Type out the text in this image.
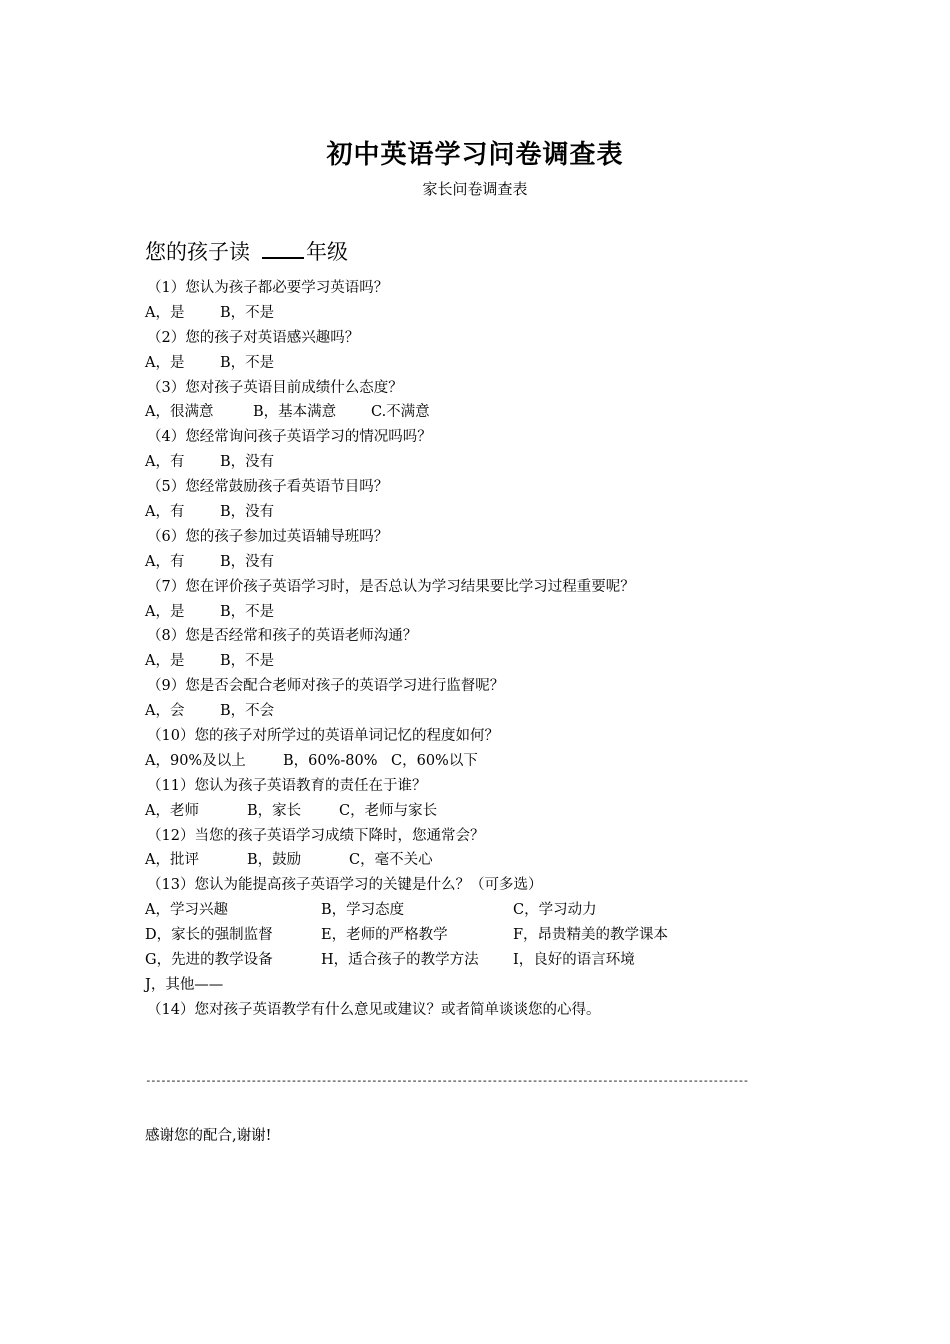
初中英语学习问卷调查表
家长问卷调查表
您的孩子读	年级
（1）您认为孩子都必要学习英语吗？
A，是 B，不是
（2）您的孩子对英语感兴趣吗？
A，是 B，不是
（3）您对孩子英语目前成绩什么态度？
A，很满意	B，基本满意 C.不满意
（4）您经常询问孩子英语学习的情况吗吗？
A，有 B，没有
（5）您经常鼓励孩子看英语节目吗？
A，有 B，没有
（6）您的孩子参加过英语辅导班吗？
A，有 B，没有
（7）您在评价孩子英语学习时，是否总认为学习结果要比学习过程重要呢？
A，是 B，不是
（8）您是否经常和孩子的英语老师沟通？
A，是 B，不是
（9）您是否会配合老师对孩子的英语学习进行监督呢？
A，会 B，不会
（10）您的孩子对所学过的英语单词记忆的程度如何？
A，90%及以上	B，60%-80% C，60%以下
（11）您认为孩子英语教育的责任在于谁？
A，老师	B，家长	C，老师与家长
（12）当您的孩子英语学习成绩下降时，您通常会？
A，批评	B，鼓励	C，毫不关心
（13）您认为能提高孩子英语学习的关键是什么？（可多选）
A，学习兴趣	B，学习态度	C，学习动力
D，家长的强制监督	E，老师的严格教学	F，昂贵精美的教学课本
G，先进的教学设备	H，适合孩子的教学方法 I，良好的语言环境
J，其他——
（14）您对孩子英语教学有什么意见或建议？或者简单谈谈您的心得。
------------------------------------------------------------------------------------------------------------------------
感谢您的配合,谢谢!
